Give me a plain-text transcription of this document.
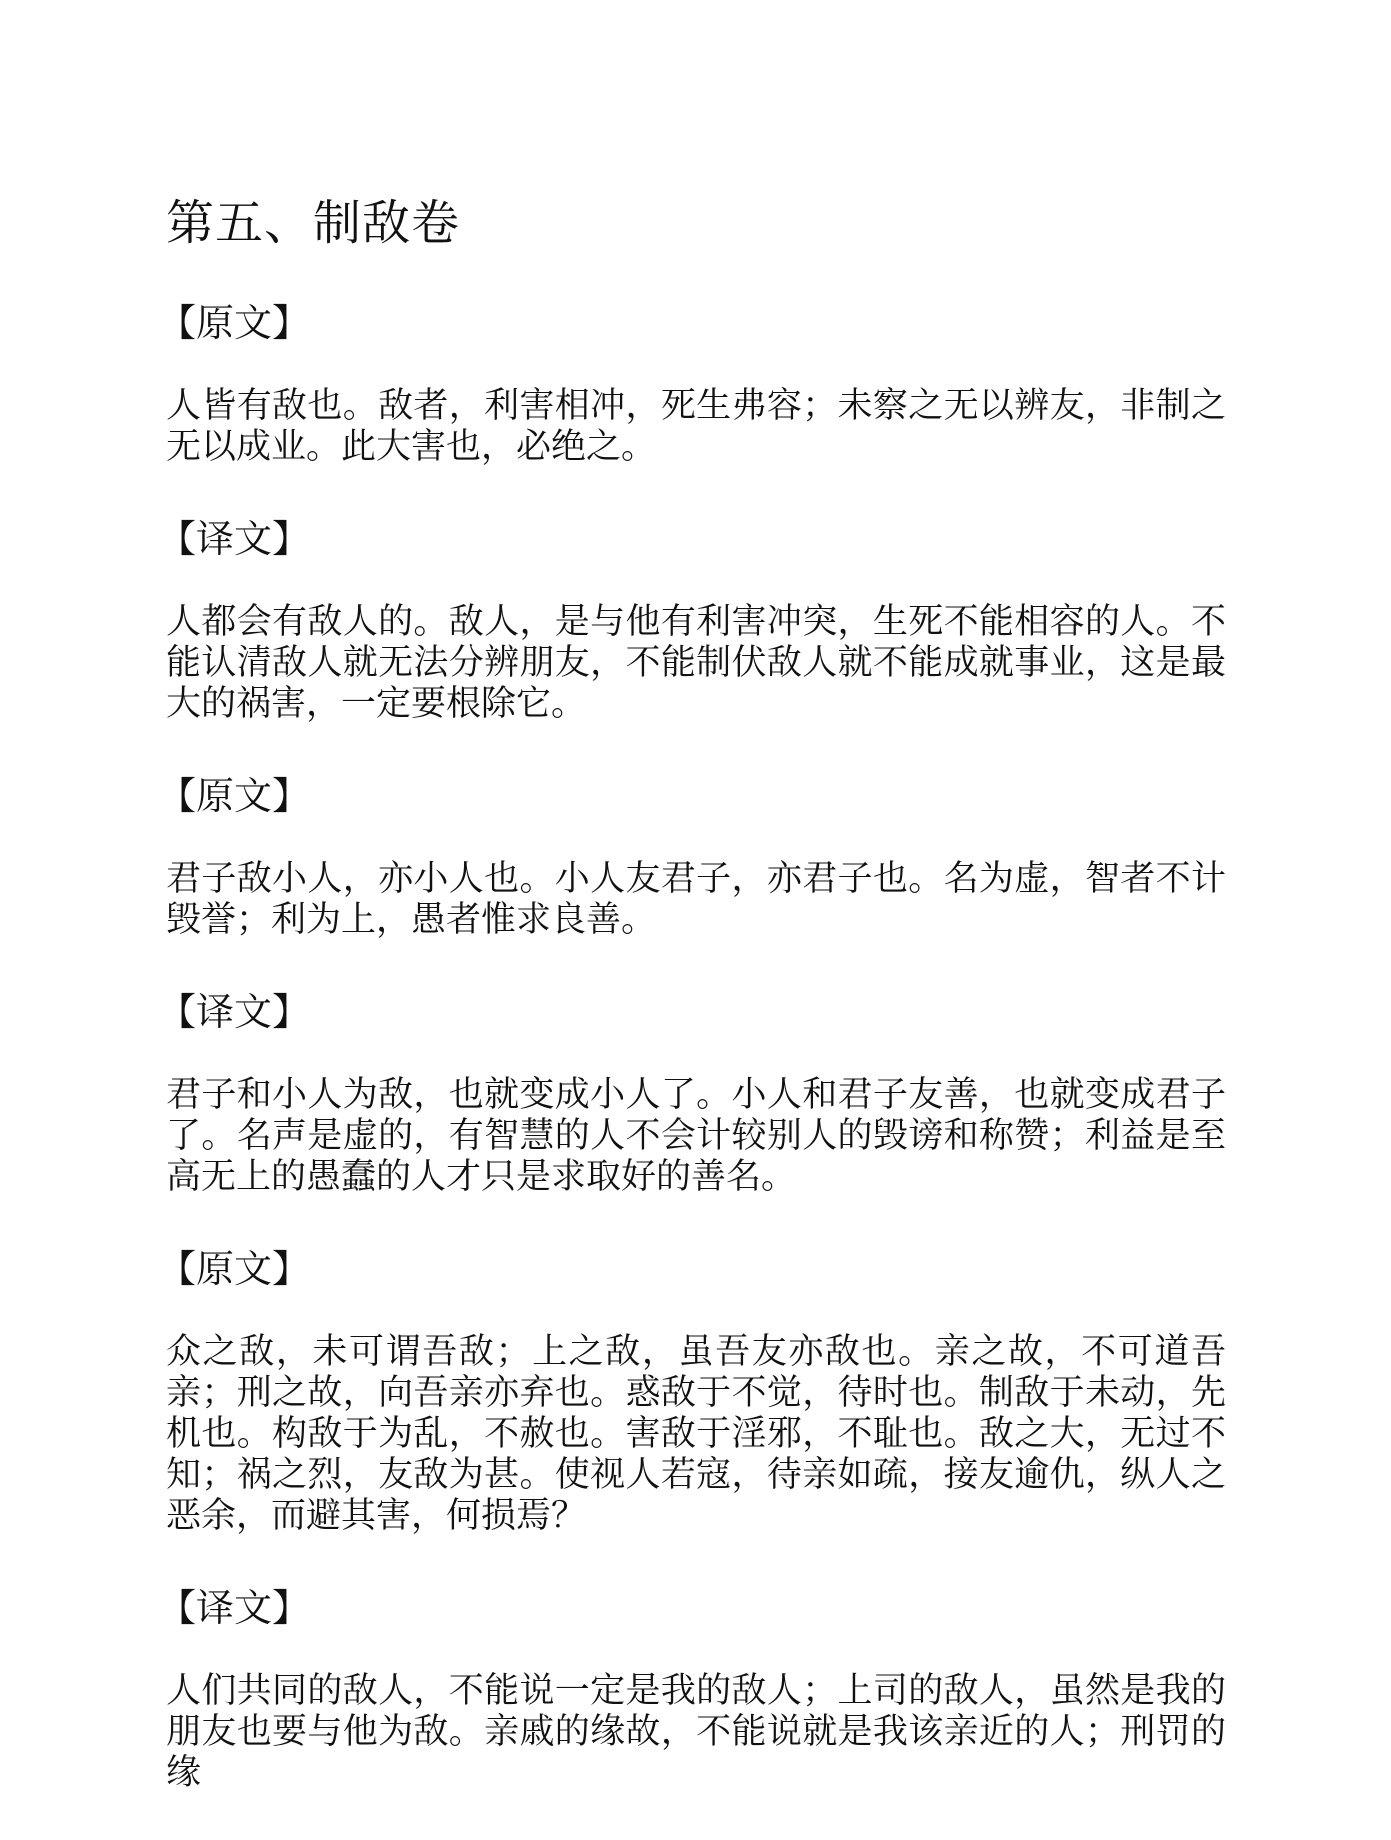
第五、制敌卷

【原文】

人皆有敌也。敌者，利害相冲，死生弗容；未察之无以辨友，非制之无以成业。此大害也，必绝之。

【译文】

人都会有敌人的。敌人，是与他有利害冲突，生死不能相容的人。不能认清敌人就无法分辨朋友，不能制伏敌人就不能成就事业，这是最大的祸害，一定要根除它。

【原文】

君子敌小人，亦小人也。小人友君子，亦君子也。名为虚，智者不计毁誉；利为上，愚者惟求良善。

【译文】

君子和小人为敌，也就变成小人了。小人和君子友善，也就变成君子了。名声是虚的，有智慧的人不会计较别人的毁谤和称赞；利益是至高无上的愚蠢的人才只是求取好的善名。

【原文】

众之敌，未可谓吾敌；上之敌，虽吾友亦敌也。亲之故，不可道吾亲；刑之故，向吾亲亦弃也。惑敌于不觉，待时也。制敌于未动，先机也。构敌于为乱，不赦也。害敌于淫邪，不耻也。敌之大，无过不知；祸之烈，友敌为甚。使视人若寇，待亲如疏，接友逾仇，纵人之恶余，而避其害，何损焉？

【译文】

人们共同的敌人，不能说一定是我的敌人；上司的敌人，虽然是我的朋友也要与他为敌。亲戚的缘故，不能说就是我该亲近的人；刑罚的缘
